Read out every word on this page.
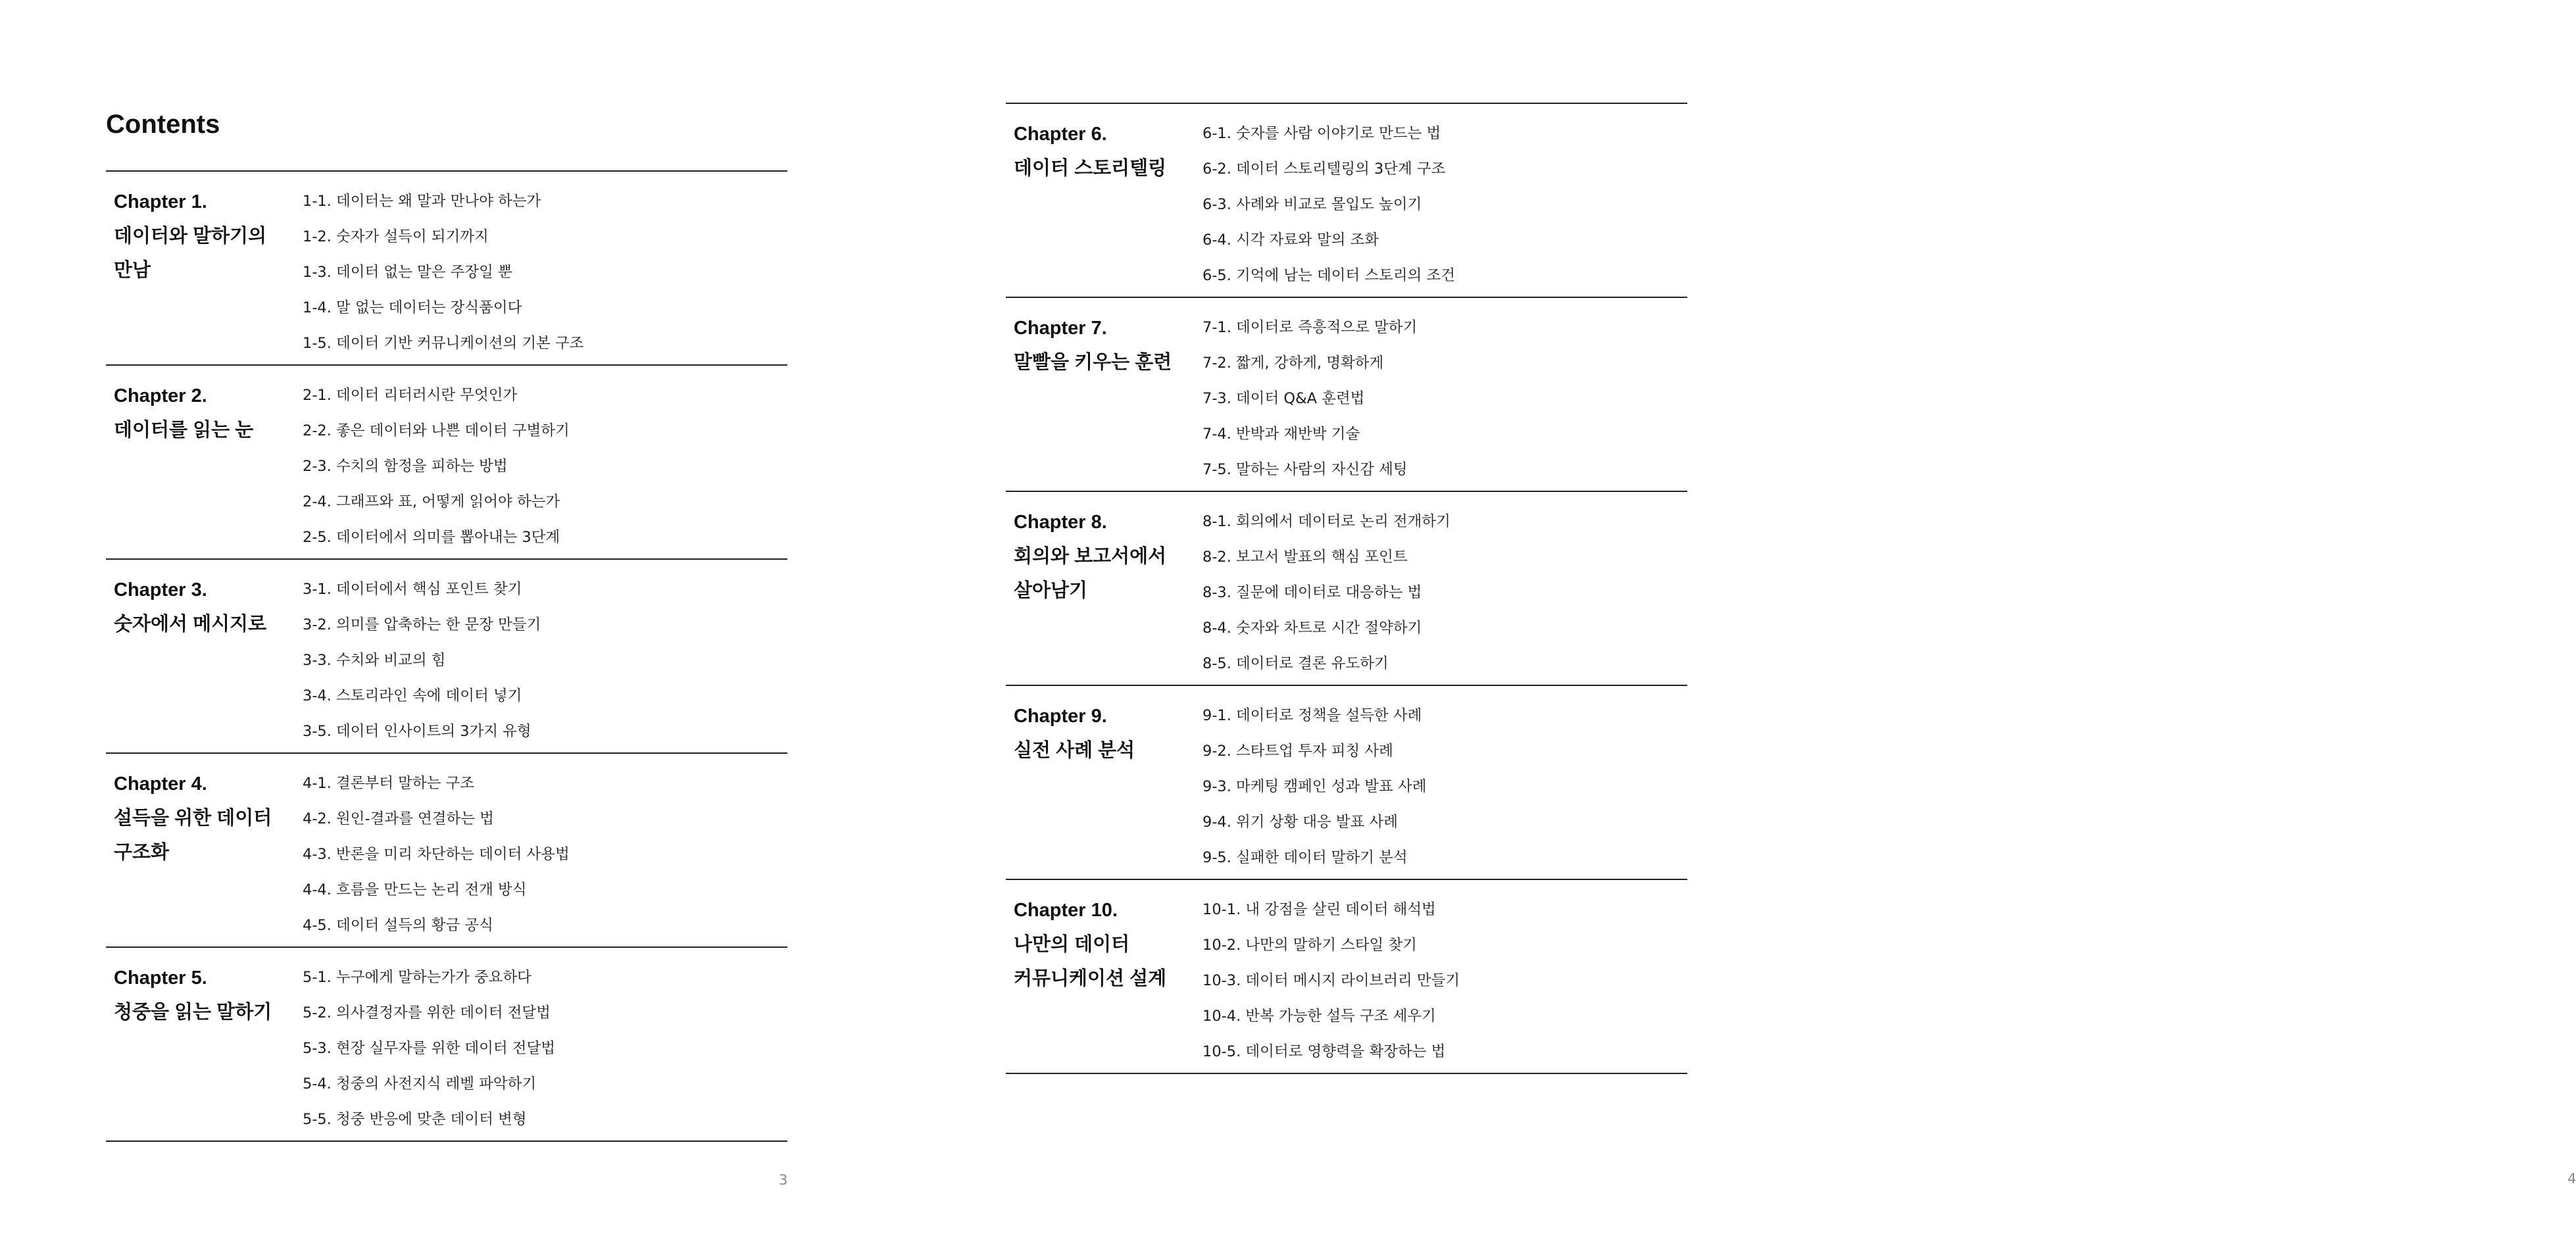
Contents
Chapter 1.
데이터와 말하기의
만남
1-1. 데이터는 왜 말과 만나야 하는가
1-2. 숫자가 설득이 되기까지
1-3. 데이터 없는 말은 주장일 뿐
1-4. 말 없는 데이터는 장식품이다
1-5. 데이터 기반 커뮤니케이션의 기본 구조
Chapter 2.
데이터를 읽는 눈
2-1. 데이터 리터러시란 무엇인가
2-2. 좋은 데이터와 나쁜 데이터 구별하기
2-3. 수치의 함정을 피하는 방법
2-4. 그래프와 표, 어떻게 읽어야 하는가
2-5. 데이터에서 의미를 뽑아내는 3단계
Chapter 3.
숫자에서 메시지로
3-1. 데이터에서 핵심 포인트 찾기
3-2. 의미를 압축하는 한 문장 만들기
3-3. 수치와 비교의 힘
3-4. 스토리라인 속에 데이터 넣기
3-5. 데이터 인사이트의 3가지 유형
Chapter 4.
설득을 위한 데이터
구조화
4-1. 결론부터 말하는 구조
4-2. 원인-결과를 연결하는 법
4-3. 반론을 미리 차단하는 데이터 사용법
4-4. 흐름을 만드는 논리 전개 방식
4-5. 데이터 설득의 황금 공식
Chapter 5.
청중을 읽는 말하기
5-1. 누구에게 말하는가가 중요하다
5-2. 의사결정자를 위한 데이터 전달법
5-3. 현장 실무자를 위한 데이터 전달법
5-4. 청중의 사전지식 레벨 파악하기
5-5. 청중 반응에 맞춘 데이터 변형
3
Chapter 6.
데이터 스토리텔링
6-1. 숫자를 사람 이야기로 만드는 법
6-2. 데이터 스토리텔링의 3단계 구조
6-3. 사례와 비교로 몰입도 높이기
6-4. 시각 자료와 말의 조화
6-5. 기억에 남는 데이터 스토리의 조건
Chapter 7.
말빨을 키우는 훈련
7-1. 데이터로 즉흥적으로 말하기
7-2. 짧게, 강하게, 명확하게
7-3. 데이터 Q&A 훈련법
7-4. 반박과 재반박 기술
7-5. 말하는 사람의 자신감 세팅
Chapter 8.
회의와 보고서에서
살아남기
8-1. 회의에서 데이터로 논리 전개하기
8-2. 보고서 발표의 핵심 포인트
8-3. 질문에 데이터로 대응하는 법
8-4. 숫자와 차트로 시간 절약하기
8-5. 데이터로 결론 유도하기
Chapter 9.
실전 사례 분석
9-1. 데이터로 정책을 설득한 사례
9-2. 스타트업 투자 피칭 사례
9-3. 마케팅 캠페인 성과 발표 사례
9-4. 위기 상황 대응 발표 사례
9-5. 실패한 데이터 말하기 분석
Chapter 10.
나만의 데이터
커뮤니케이션 설계
10-1. 내 강점을 살린 데이터 해석법
10-2. 나만의 말하기 스타일 찾기
10-3. 데이터 메시지 라이브러리 만들기
10-4. 반복 가능한 설득 구조 세우기
10-5. 데이터로 영향력을 확장하는 법
4
